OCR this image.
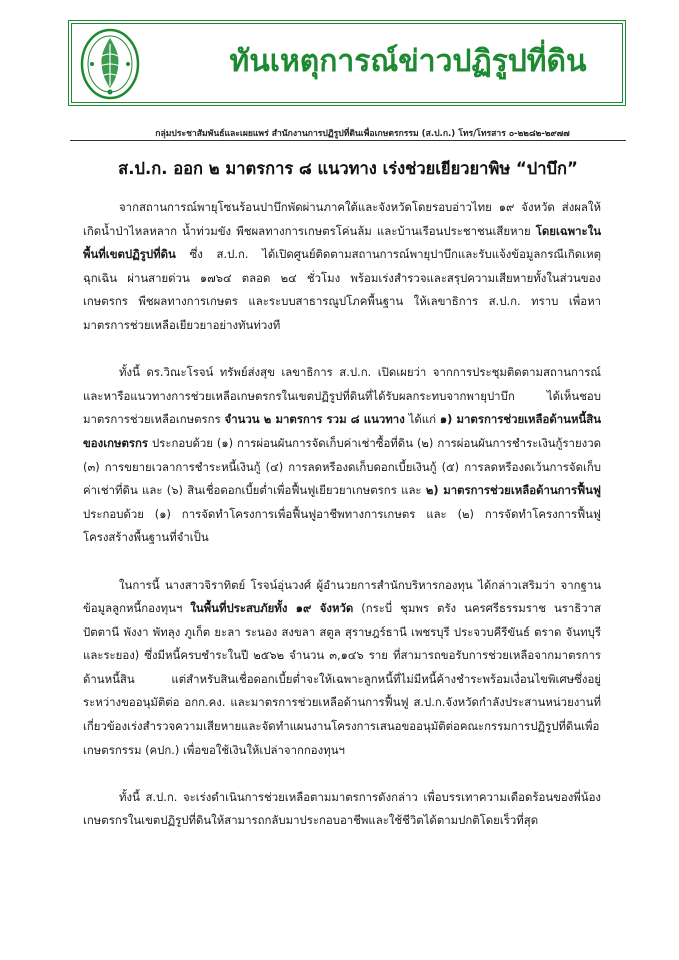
ทันเหตุการณ์ข่าวปฏิรูปที่ดิน
กลุ่มประชาสัมพันธ์และเผยแพร่ สำนักงานการปฏิรูปที่ดินเพื่อเกษตรกรรม (ส.ป.ก.) โทร/โทรสาร ๐-๒๒๘๒-๒๙๗๗
ส.ป.ก. ออก ๒ มาตรการ ๘ แนวทาง เร่งช่วยเยียวยาพิษ “ปาบึก”

จากสถานการณ์พายุโซนร้อนปาบึกพัดผ่านภาคใต้และจังหวัดโดยรอบอ่าวไทย ๑๙ จังหวัด ส่งผลให้เกิดน้ำป่าไหลหลาก น้ำท่วมขัง พืชผลทางการเกษตรโค่นล้ม และบ้านเรือนประชาชนเสียหาย โดยเฉพาะในพื้นที่เขตปฏิรูปที่ดิน ซึ่ง ส.ป.ก. ได้เปิดศูนย์ติดตามสถานการณ์พายุปาบึกและรับแจ้งข้อมูลกรณีเกิดเหตุฉุกเฉิน ผ่านสายด่วน ๑๗๖๔ ตลอด ๒๔ ชั่วโมง พร้อมเร่งสำรวจและสรุปความเสียหายทั้งในส่วนของเกษตรกร พืชผลทางการเกษตร และระบบสาธารณูปโภคพื้นฐาน ให้เลขาธิการ ส.ป.ก. ทราบ เพื่อหามาตรการช่วยเหลือเยียวยาอย่างทันท่วงที

ทั้งนี้ ดร.วิณะโรจน์ ทรัพย์ส่งสุข เลขาธิการ ส.ป.ก. เปิดเผยว่า จากการประชุมติดตามสถานการณ์และหารือแนวทางการช่วยเหลือเกษตรกรในเขตปฏิรูปที่ดินที่ได้รับผลกระทบจากพายุปาบึก ได้เห็นชอบมาตรการช่วยเหลือเกษตรกร จำนวน ๒ มาตรการ รวม ๘ แนวทาง ได้แก่ ๑) มาตรการช่วยเหลือด้านหนี้สินของเกษตรกร ประกอบด้วย (๑) การผ่อนผันการจัดเก็บค่าเช่าซื้อที่ดิน (๒) การผ่อนผันการชำระเงินกู้รายงวด (๓) การขยายเวลาการชำระหนี้เงินกู้ (๔) การลดหรืองดเก็บดอกเบี้ยเงินกู้ (๕) การลดหรืองดเว้นการจัดเก็บค่าเช่าที่ดิน และ (๖) สินเชื่อดอกเบี้ยต่ำเพื่อฟื้นฟูเยียวยาเกษตรกร และ ๒) มาตรการช่วยเหลือด้านการฟื้นฟู ประกอบด้วย (๑) การจัดทำโครงการเพื่อฟื้นฟูอาชีพทางการเกษตร และ (๒) การจัดทำโครงการฟื้นฟูโครงสร้างพื้นฐานที่จำเป็น

ในการนี้ นางสาวจิราทิตย์ โรจน์อุ่นวงศ์ ผู้อำนวยการสำนักบริหารกองทุน ได้กล่าวเสริมว่า จากฐานข้อมูลลูกหนี้กองทุนฯ ในพื้นที่ประสบภัยทั้ง ๑๙ จังหวัด (กระบี่ ชุมพร ตรัง นครศรีธรรมราช นราธิวาส ปัตตานี พังงา พัทลุง ภูเก็ต ยะลา ระนอง สงขลา สตูล สุราษฎร์ธานี เพชรบุรี ประจวบคีรีขันธ์ ตราด จันทบุรี และระยอง) ซึ่งมีหนี้ครบชำระในปี ๒๕๖๒ จำนวน ๓,๑๔๖ ราย ที่สามารถขอรับการช่วยเหลือจากมาตรการด้านหนี้สิน แต่สำหรับสินเชื่อดอกเบี้ยต่ำจะให้เฉพาะลูกหนี้ที่ไม่มีหนี้ค้างชำระพร้อมเงื่อนไขพิเศษซึ่งอยู่ระหว่างขออนุมัติต่อ อกก.คง. และมาตรการช่วยเหลือด้านการฟื้นฟู ส.ป.ก.จังหวัดกำลังประสานหน่วยงานที่เกี่ยวข้องเร่งสำรวจความเสียหายและจัดทำแผนงานโครงการเสนอขออนุมัติต่อคณะกรรมการปฏิรูปที่ดินเพื่อเกษตรกรรม (คปก.) เพื่อขอใช้เงินให้เปล่าจากกองทุนฯ

ทั้งนี้ ส.ป.ก. จะเร่งดำเนินการช่วยเหลือตามมาตรการดังกล่าว เพื่อบรรเทาความเดือดร้อนของพี่น้องเกษตรกรในเขตปฏิรูปที่ดินให้สามารถกลับมาประกอบอาชีพและใช้ชีวิตได้ตามปกติโดยเร็วที่สุด
